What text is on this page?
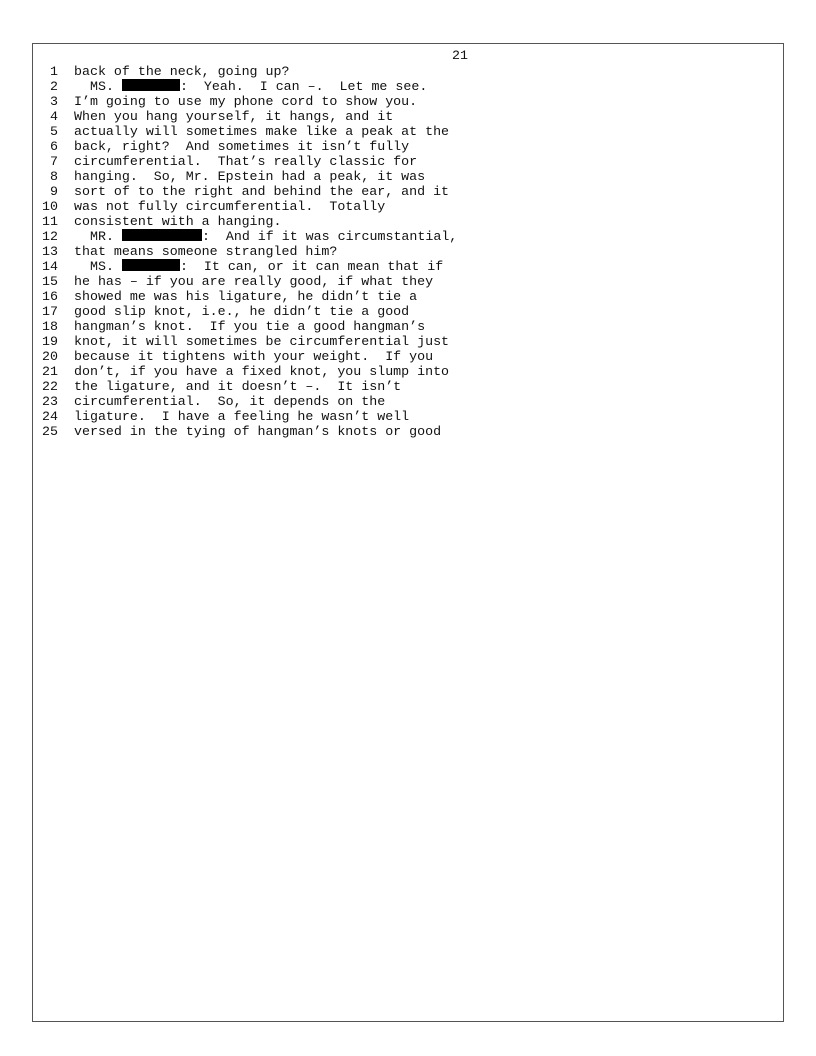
21
1	back of the neck, going up?
2	MS.	:  Yeah.  I can –.  Let me see.
3	I’m going to use my phone cord to show you.
4	When you hang yourself, it hangs, and it
5	actually will sometimes make like a peak at the
6	back, right?  And sometimes it isn’t fully
7	circumferential.  That’s really classic for
8	hanging.  So, Mr. Epstein had a peak, it was
9	sort of to the right and behind the ear, and it
10	was not fully circumferential.  Totally
11	consistent with a hanging.
12	MR.	:  And if it was circumstantial,
13	that means someone strangled him?
14	MS.	:  It can, or it can mean that if
15	he has – if you are really good, if what they
16	showed me was his ligature, he didn’t tie a
17	good slip knot, i.e., he didn’t tie a good
18	hangman’s knot.  If you tie a good hangman’s
19	knot, it will sometimes be circumferential just
20	because it tightens with your weight.  If you
21	don’t, if you have a fixed knot, you slump into
22	the ligature, and it doesn’t –.  It isn’t
23	circumferential.  So, it depends on the
24	ligature.  I have a feeling he wasn’t well
25	versed in the tying of hangman’s knots or good
